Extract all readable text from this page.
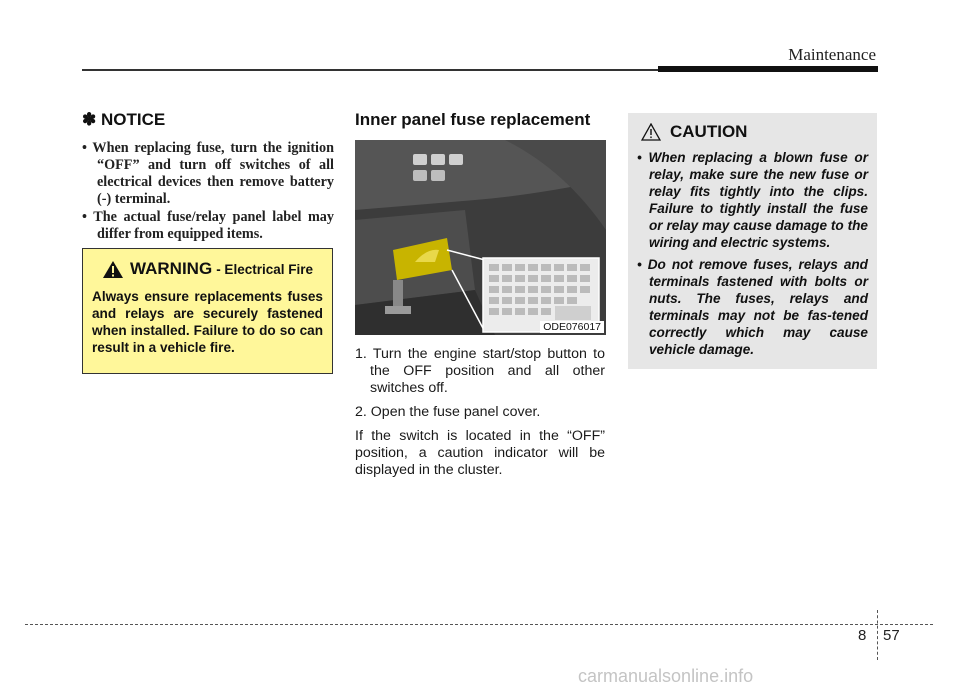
Maintenance
✽ NOTICE
• When replacing fuse, turn the ignition “OFF” and turn off switches of all electrical devices then remove battery (-) terminal.
• The actual fuse/relay panel label may differ from equipped items.
WARNING - Electrical Fire
Always ensure replacements fuses and relays are securely fastened when installed. Failure to do so can result in a vehicle fire.
Inner panel fuse replacement
ODE076017

1. Turn the engine start/stop button to the OFF position and all other switches off.

2. Open the fuse panel cover.

If the switch is located in the “OFF” position, a caution indicator will be displayed in the cluster.

CAUTION
• When replacing a blown fuse or relay, make sure the new fuse or relay fits tightly into the clips. Failure to tightly install the fuse or relay may cause damage to the wiring and electric systems.
• Do not remove fuses, relays and terminals fastened with bolts or nuts. The fuses, relays and terminals may not be fas-tened correctly which may cause vehicle damage.
8 57
carmanualsonline.info
